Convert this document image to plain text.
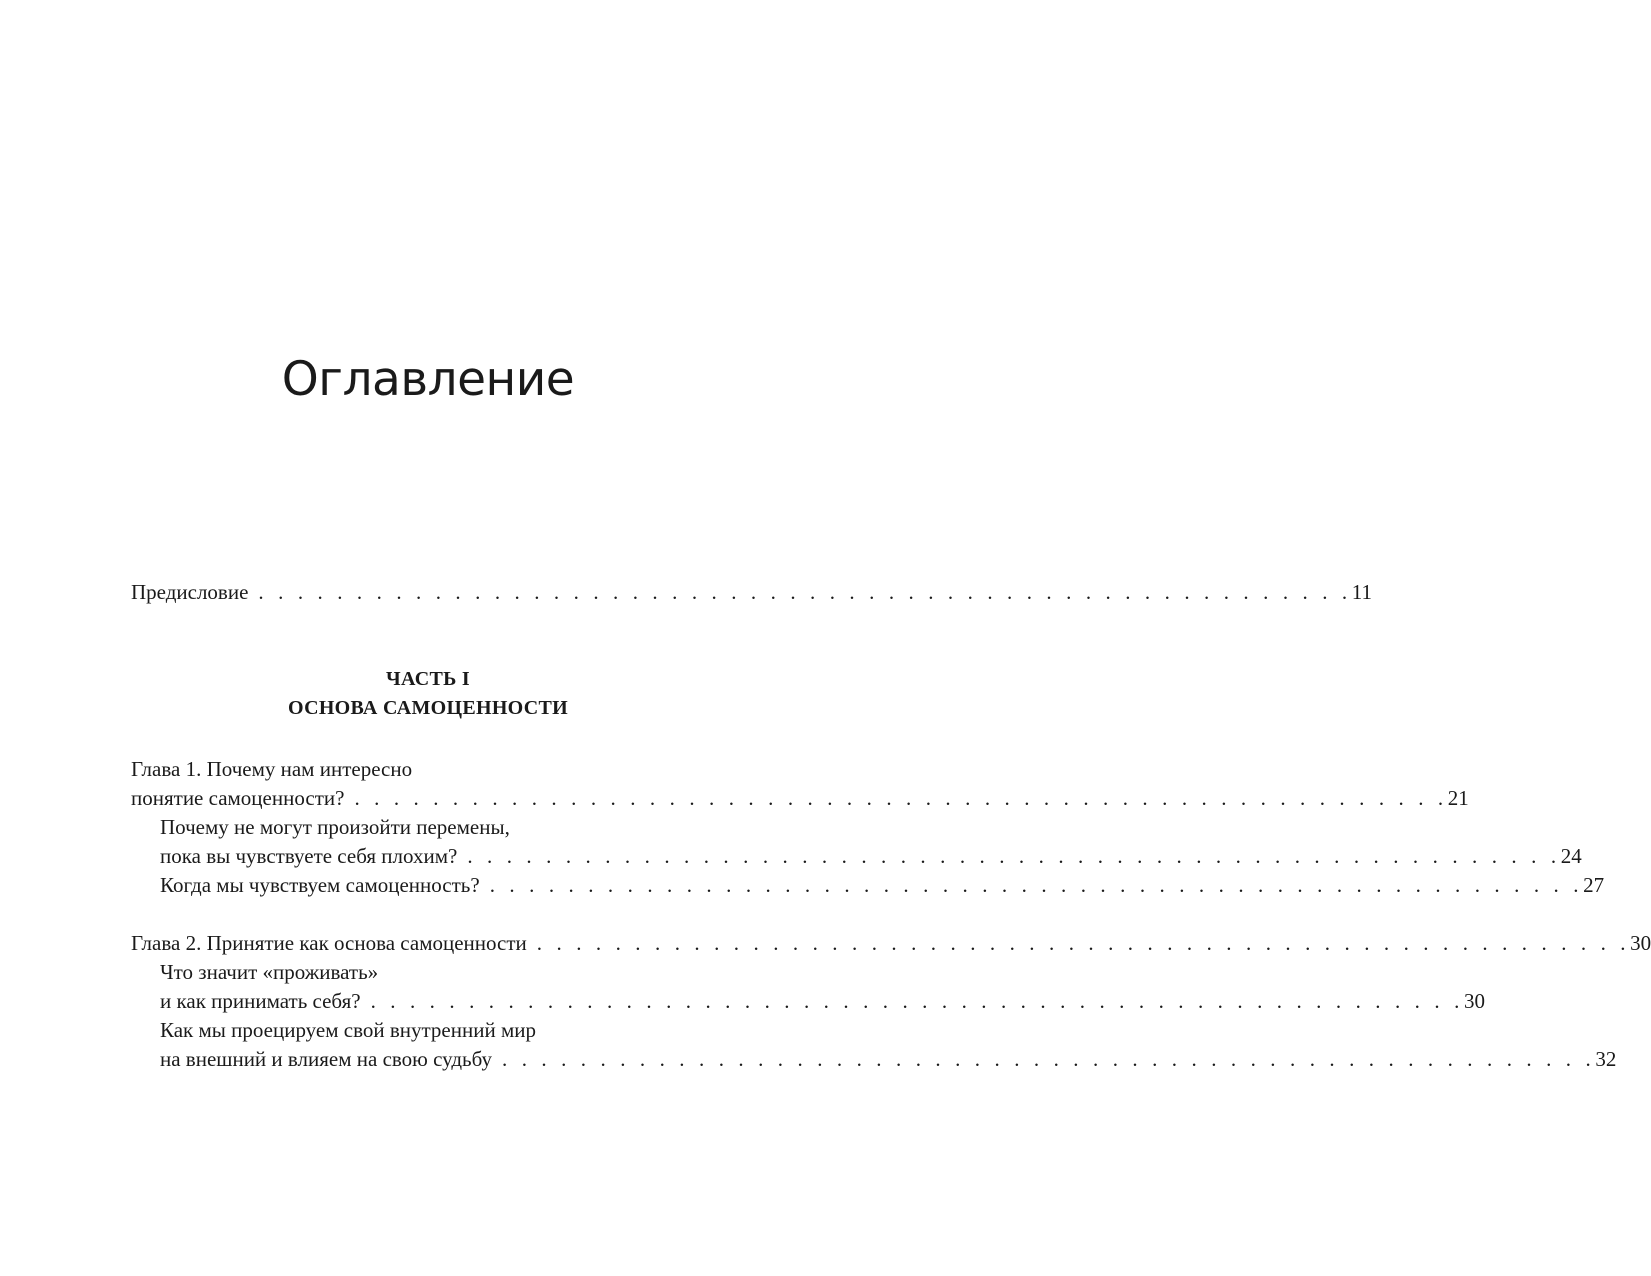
Оглавление
Предисловие . . . . . . . . . . . . . . . . . . . . . . . . . . . . . . . . . . . . . . . . . . . . . . . . . . . . . . . . 11
ЧАСТЬ I
ОСНОВА САМОЦЕННОСТИ
Глава 1. Почему нам интересно
понятие самоценности? . . . . . . . . . . . . . . . . . . . . . . . . . . . . . . . . . . . . . . . . . . . . . . . . . . . . . . . . 21
Почему не могут произойти перемены,
пока вы чувствуете себя плохим? . . . . . . . . . . . . . . . . . . . . . . . . . . . . . . . . . . . . . . . . . . . . . . . . . . . . . . . . 24
Когда мы чувствуем самоценность? . . . . . . . . . . . . . . . . . . . . . . . . . . . . . . . . . . . . . . . . . . . . . . . . . . . . . . . . 27
Глава 2. Принятие как основа самоценности . . . . . . . . . . . . . . . . . . . . . . . . . . . . . . . . . . . . . . . . . . . . . . . . . . . . . . . . 30
Что значит «проживать»
и как принимать себя? . . . . . . . . . . . . . . . . . . . . . . . . . . . . . . . . . . . . . . . . . . . . . . . . . . . . . . . . 30
Как мы проецируем свой внутренний мир
на внешний и влияем на свою судьбу . . . . . . . . . . . . . . . . . . . . . . . . . . . . . . . . . . . . . . . . . . . . . . . . . . . . . . . . 32
